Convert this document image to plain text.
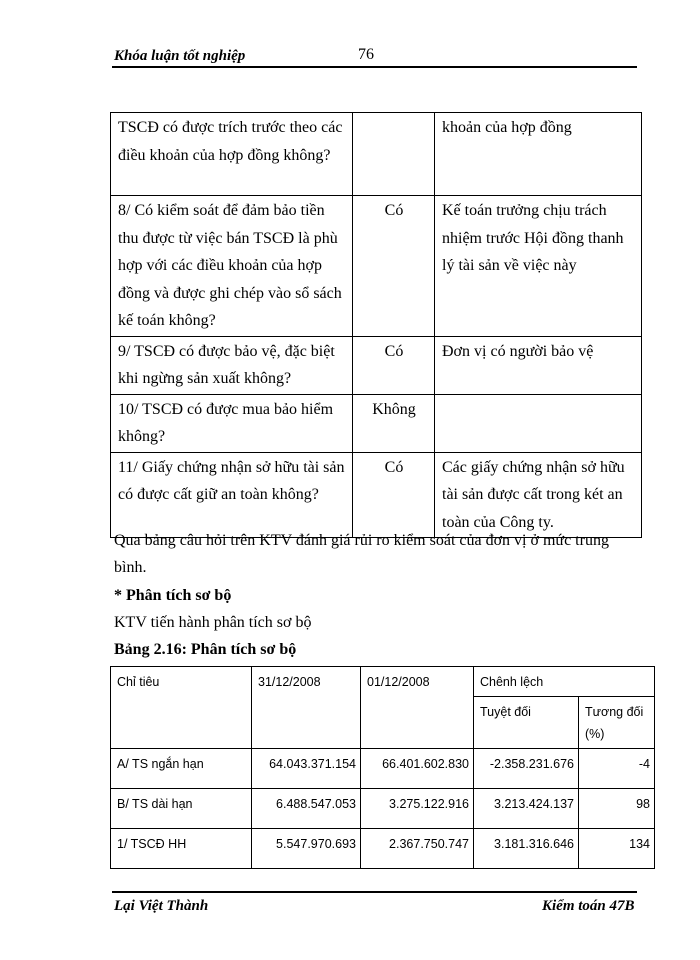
Khóa luận tốt nghiệp	76
TSCĐ có được trích trước theo các điều khoản của hợp đồng không?		khoản của hợp đồng
8/ Có kiểm soát để đảm bảo tiền thu được từ việc bán TSCĐ là phù hợp với các điều khoản của hợp đồng và được ghi chép vào sổ sách kế toán không?	Có	Kế toán trưởng chịu trách nhiệm trước Hội đồng thanh lý tài sản về việc này
9/ TSCĐ có được bảo vệ, đặc biệt khi ngừng sản xuất không?	Có	Đơn vị có người bảo vệ
10/ TSCĐ có được mua bảo hiểm không?	Không	
11/ Giấy chứng nhận sở hữu tài sản có được cất giữ an toàn không?	Có	Các giấy chứng nhận sở hữu tài sản được cất trong két an toàn của Công ty.
Qua bảng câu hỏi trên KTV đánh giá rủi ro kiểm soát của đơn vị ở mức trung bình.
* Phân tích sơ bộ
KTV tiến hành phân tích sơ bộ
Bảng 2.16: Phân tích sơ bộ
Chỉ tiêu	31/12/2008	01/12/2008	Chênh lệch	
			Tuyệt đối	Tương đối (%)
A/ TS ngắn hạn	64.043.371.154	66.401.602.830	-2.358.231.676	-4
B/ TS dài hạn	6.488.547.053	3.275.122.916	3.213.424.137	98
1/ TSCĐ HH	5.547.970.693	2.367.750.747	3.181.316.646	134
Lại Việt Thành	Kiểm toán 47B
